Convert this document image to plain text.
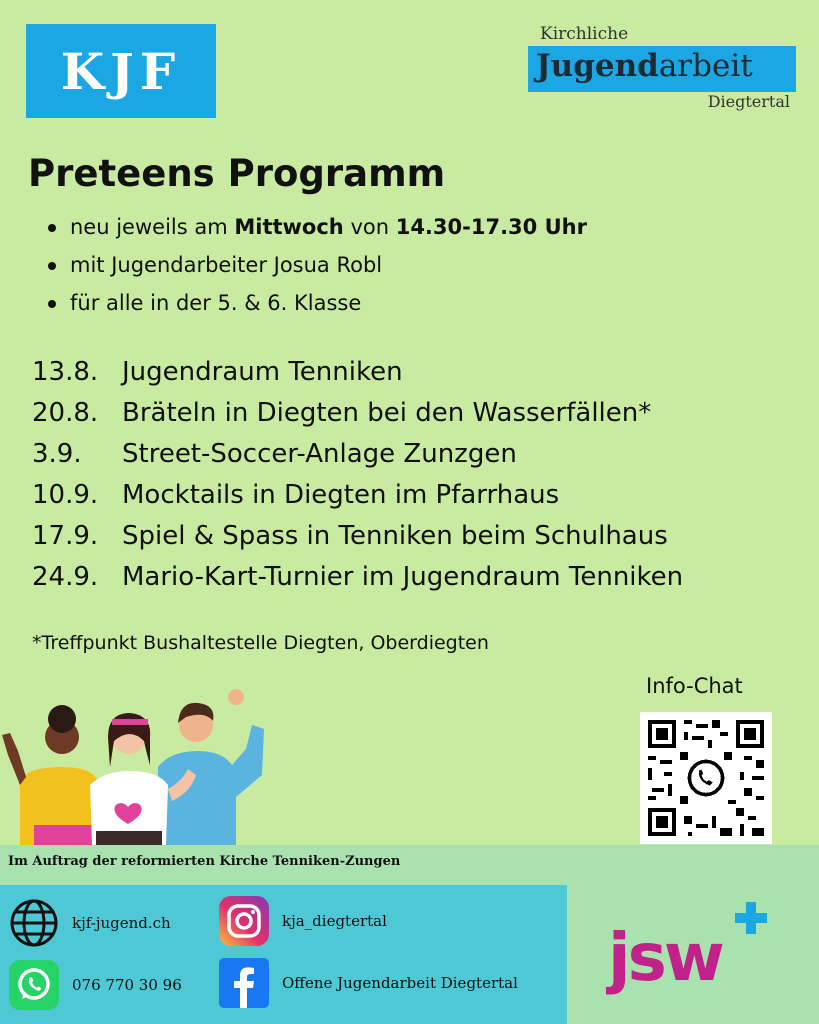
KJF
Kirchliche
Jugendarbeit
Diegtertal
Preteens Programm
neu jeweils am Mittwoch von 14.30-17.30 Uhr
mit Jugendarbeiter Josua Robl
für alle in der 5. & 6. Klasse
13.8. Jugendraum Tenniken
20.8. Bräteln in Diegten bei den Wasserfällen*
3.9. Street-Soccer-Anlage Zunzgen
10.9. Mocktails in Diegten im Pfarrhaus
17.9. Spiel & Spass in Tenniken beim Schulhaus
24.9. Mario-Kart-Turnier im Jugendraum Tenniken
*Treffpunkt Bushaltestelle Diegten, Oberdiegten
Info-Chat
Im Auftrag der reformierten Kirche Tenniken-Zungen
kjf-jugend.ch	kja_diegtertal
076 770 30 96	Offene Jugendarbeit Diegtertal jsw
